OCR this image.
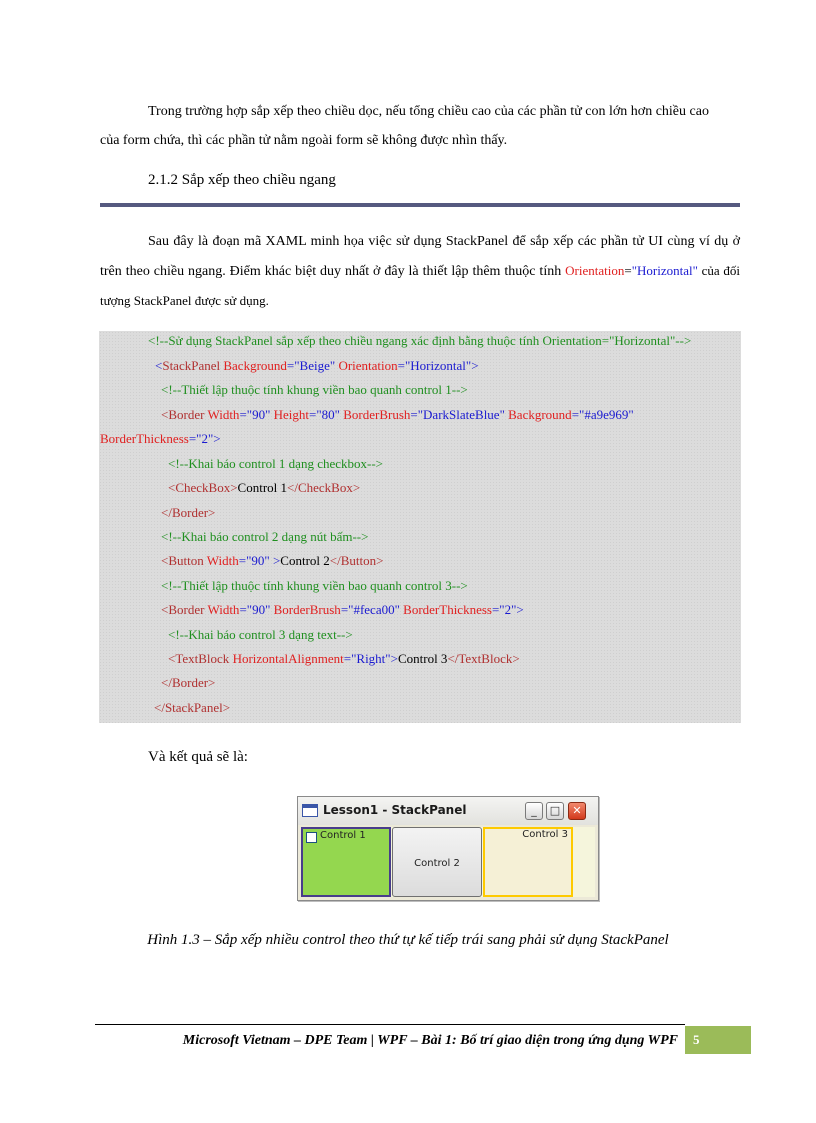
Trong trường hợp sắp xếp theo chiều dọc, nếu tổng chiều cao của các phần tử con lớn hơn chiều cao
của form chứa, thì các phần tử nằm ngoài form sẽ không được nhìn thấy.

2.1.2 Sắp xếp theo chiều ngang

Sau đây là đoạn mã XAML minh họa việc sử dụng StackPanel để sắp xếp các phần tử UI cùng ví dụ ở trên theo chiều ngang. Điểm khác biệt duy nhất ở đây là thiết lập thêm thuộc tính Orientation="Horizontal" của đối tượng StackPanel được sử dụng.

<!--Sử dụng StackPanel sắp xếp theo chiều ngang xác định bằng thuộc tính Orientation="Horizontal"-->
<StackPanel Background="Beige" Orientation="Horizontal">
<!--Thiết lập thuộc tính khung viền bao quanh control 1-->
<Border Width="90" Height="80" BorderBrush="DarkSlateBlue" Background="#a9e969"
BorderThickness="2">
<!--Khai báo control 1 dạng checkbox-->
<CheckBox>Control 1</CheckBox>
</Border>
<!--Khai báo control 2 dạng nút bấm-->
<Button Width="90" >Control 2</Button>
<!--Thiết lập thuộc tính khung viền bao quanh control 3-->
<Border Width="90" BorderBrush="#feca00" BorderThickness="2">
<!--Khai báo control 3 dạng text-->
<TextBlock HorizontalAlignment="Right">Control 3</TextBlock>
</Border>
</StackPanel>

Và kết quả sẽ là:

Lesson1 - StackPanel	_	□	✕
Control 1
Control 2
Control 3

Hình 1.3 – Sắp xếp nhiều control theo thứ tự kế tiếp trái sang phải sử dụng StackPanel

Microsoft Vietnam – DPE Team | WPF – Bài 1: Bố trí giao diện trong ứng dụng WPF	5
